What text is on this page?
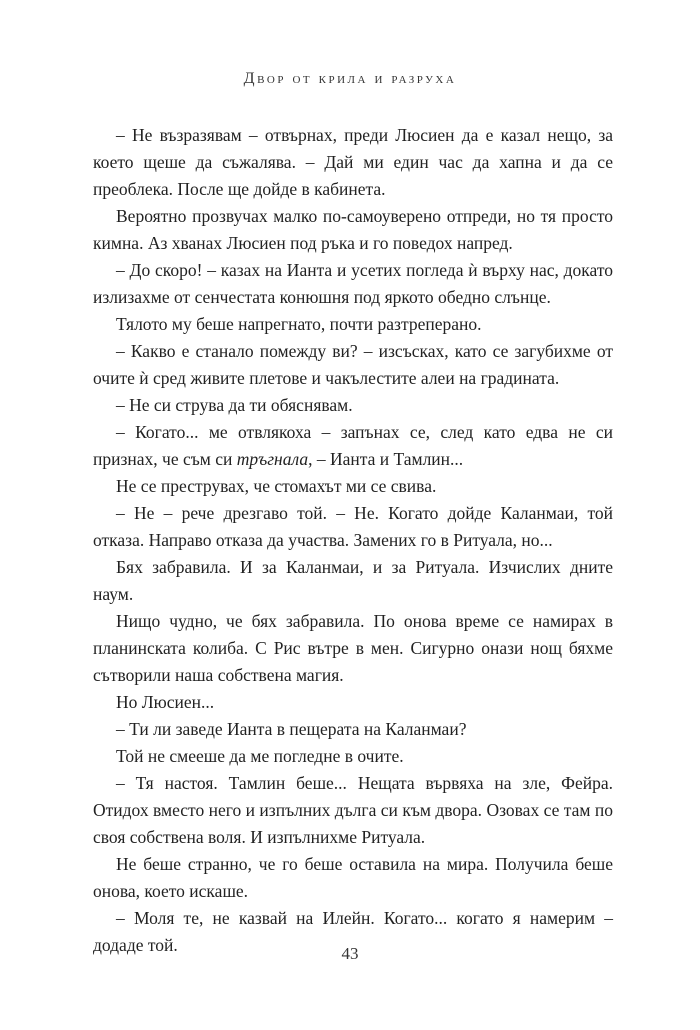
Двор от крила и разруха

– Не възразявам – отвърнах, преди Люсиен да е казал нещо, за което щеше да съжалява. – Дай ми един час да хапна и да се преоблека. После ще дойде в кабинета.

Вероятно прозвучах малко по-самоуверено отпреди, но тя просто кимна. Аз хванах Люсиен под ръка и го поведох напред.

– До скоро! – казах на Ианта и усетих погледа ѝ върху нас, докато излизахме от сенчестата конюшня под яркото обедно слънце.

Тялото му беше напрегнато, почти разтреперано.

– Какво е станало помежду ви? – изсъсках, като се загубихме от очите ѝ сред живите плетове и чакълестите алеи на градината.

– Не си струва да ти обяснявам.

– Когато... ме отвлякоха – запънах се, след като едва не си признах, че съм си тръгнала, – Ианта и Тамлин...

Не се преструвах, че стомахът ми се свива.

– Не – рече дрезгаво той. – Не. Когато дойде Каланмаи, той отказа. Направо отказа да участва. Замених го в Ритуала, но...

Бях забравила. И за Каланмаи, и за Ритуала. Изчислих дните наум.

Нищо чудно, че бях забравила. По онова време се намирах в планинската колиба. С Рис вътре в мен. Сигурно онази нощ бяхме сътворили наша собствена магия.

Но Люсиен...

– Ти ли заведе Ианта в пещерата на Каланмаи?

Той не смееше да ме погледне в очите.

– Тя настоя. Тамлин беше... Нещата вървяха на зле, Фейра. Отидох вместо него и изпълних дълга си към двора. Озовах се там по своя собствена воля. И изпълнихме Ритуала.

Не беше странно, че го беше оставила на мира. Получила беше онова, което искаше.

– Моля те, не казвай на Илейн. Когато... когато я намерим – додаде той.	43
